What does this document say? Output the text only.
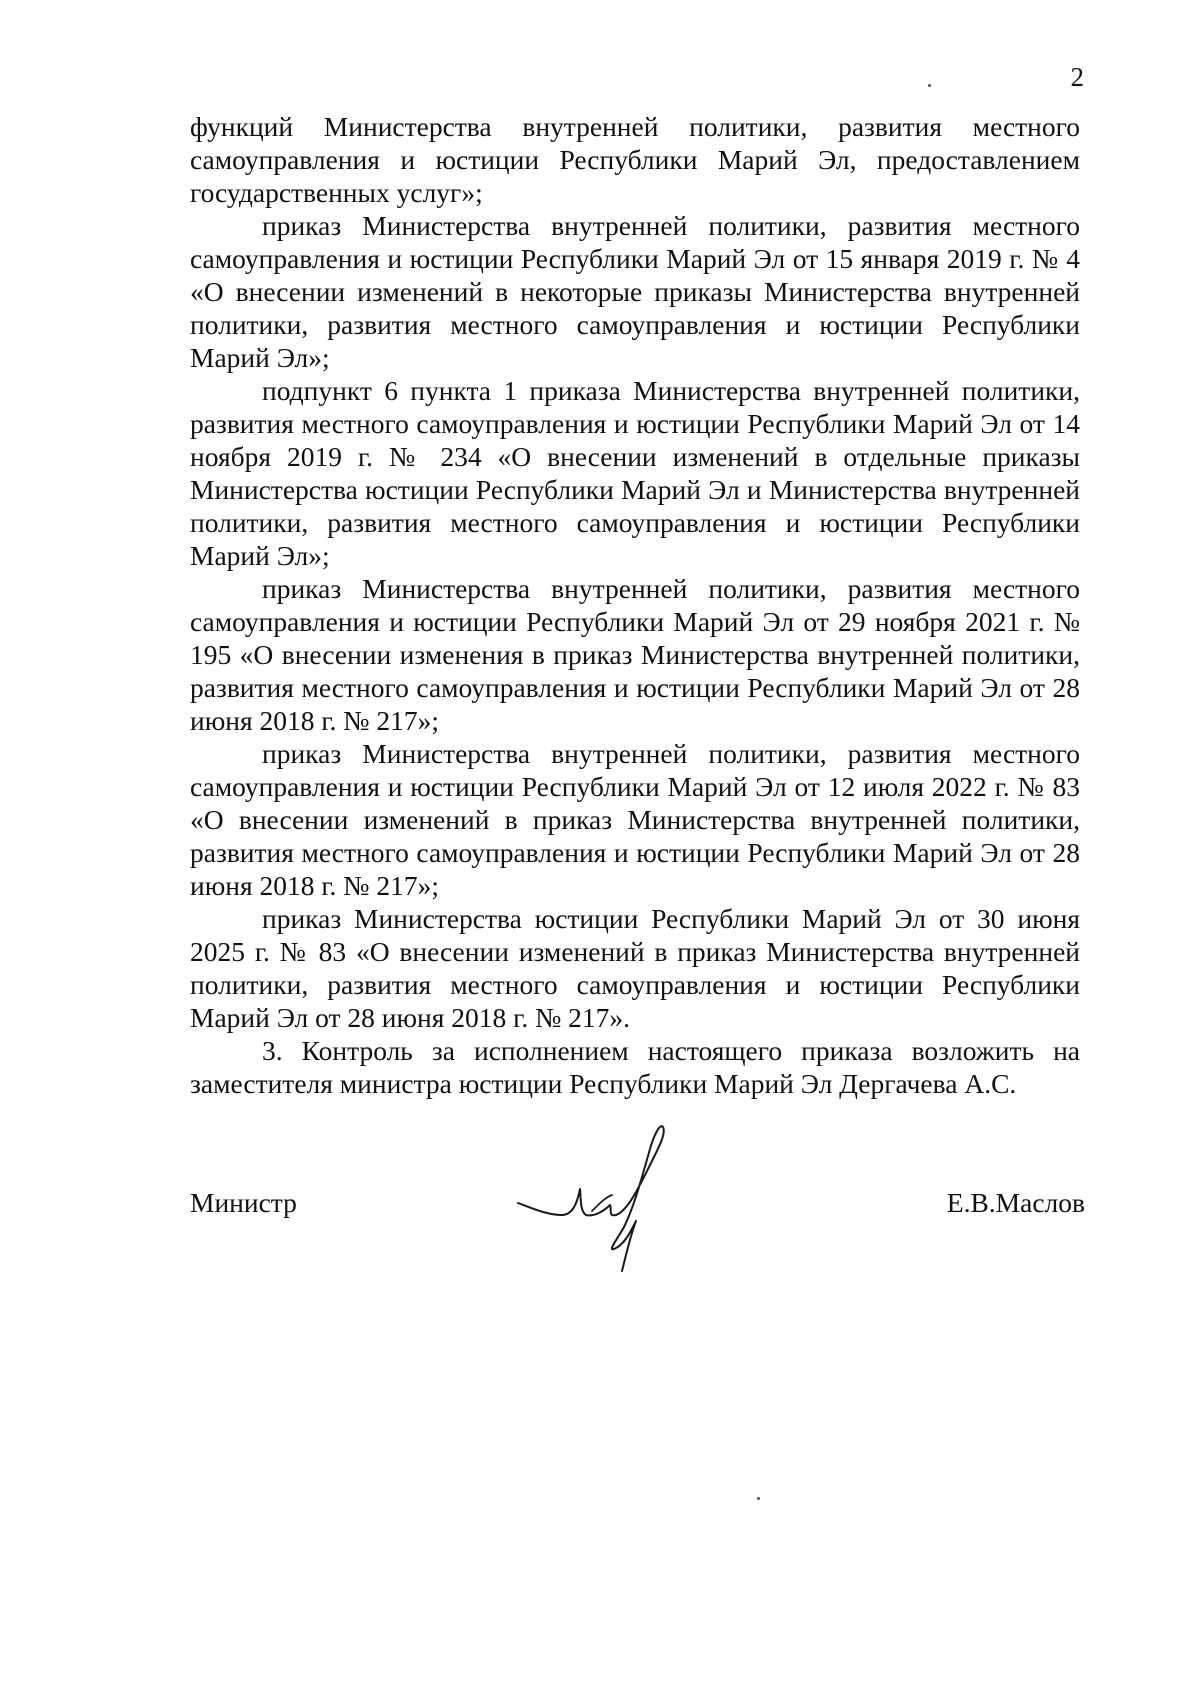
2

функций Министерства внутренней политики, развития местного самоуправления и юстиции Республики Марий Эл, предоставлением государственных услуг»;

приказ Министерства внутренней политики, развития местного самоуправления и юстиции Республики Марий Эл от 15 января 2019 г. № 4 «О внесении изменений в некоторые приказы Министерства внутренней политики, развития местного самоуправления и юстиции Республики Марий Эл»;

подпункт 6 пункта 1 приказа Министерства внутренней политики, развития местного самоуправления и юстиции Республики Марий Эл от 14 ноября 2019 г. № 234 «О внесении изменений в отдельные приказы Министерства юстиции Республики Марий Эл и Министерства внутренней политики, развития местного самоуправления и юстиции Республики Марий Эл»;

приказ Министерства внутренней политики, развития местного самоуправления и юстиции Республики Марий Эл от 29 ноября 2021 г. № 195 «О внесении изменения в приказ Министерства внутренней политики, развития местного самоуправления и юстиции Республики Марий Эл от 28 июня 2018 г. № 217»;

приказ Министерства внутренней политики, развития местного самоуправления и юстиции Республики Марий Эл от 12 июля 2022 г. № 83 «О внесении изменений в приказ Министерства внутренней политики, развития местного самоуправления и юстиции Республики Марий Эл от 28 июня 2018 г. № 217»;

приказ Министерства юстиции Республики Марий Эл от 30 июня 2025 г. № 83 «О внесении изменений в приказ Министерства внутренней политики, развития местного самоуправления и юстиции Республики Марий Эл от 28 июня 2018 г. № 217».

3. Контроль за исполнением настоящего приказа возложить на заместителя министра юстиции Республики Марий Эл Дергачева А.С.

Министр	Е.В.Маслов
